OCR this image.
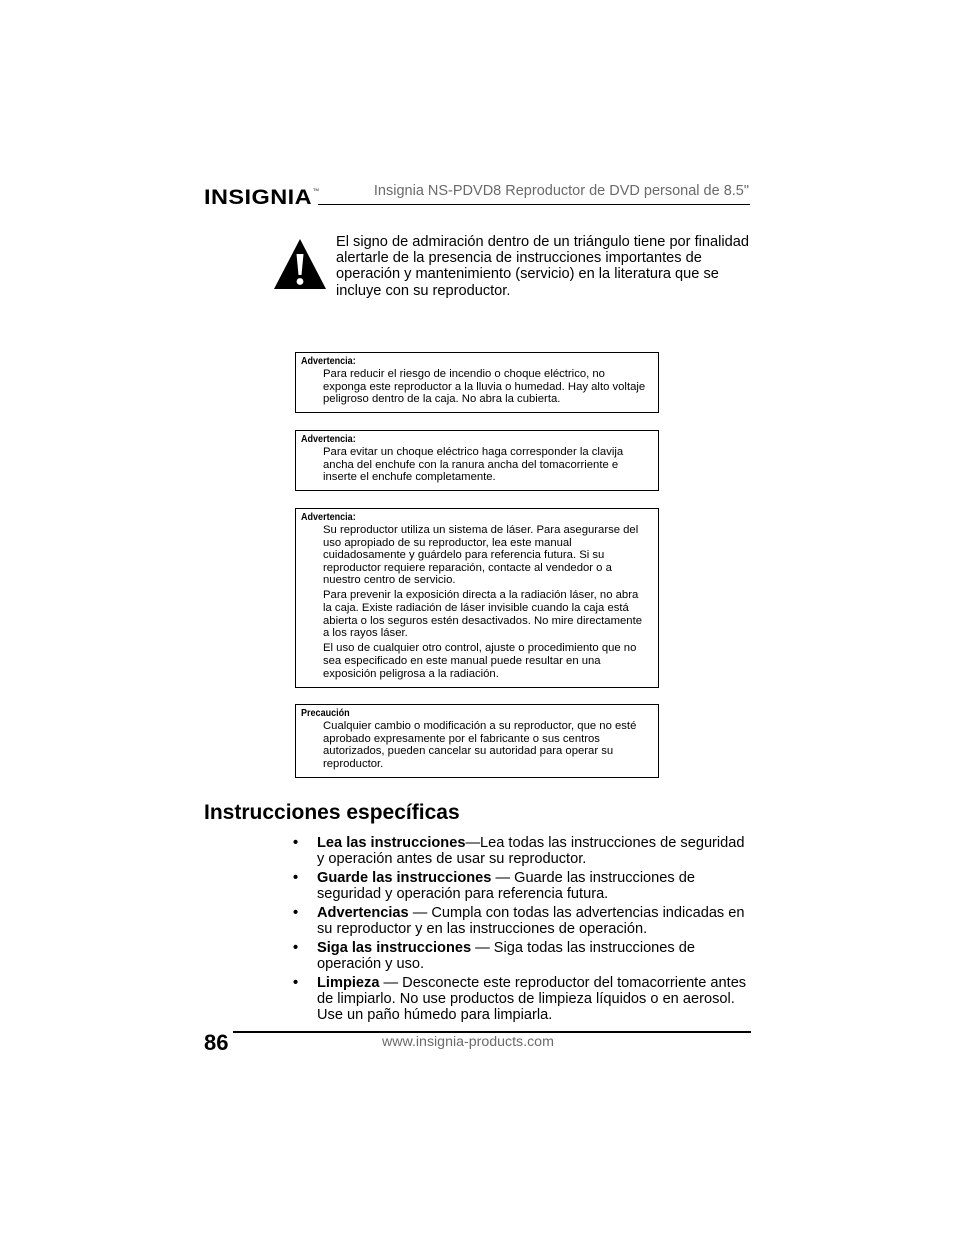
INSIGNIA TM	Insignia NS-PDVD8 Reproductor de DVD personal de 8.5"
El signo de admiración dentro de un triángulo tiene por finalidad alertarle de la presencia de instrucciones importantes de operación y mantenimiento (servicio) en la literatura que se incluye con su reproductor.
Advertencia:

Para reducir el riesgo de incendio o choque eléctrico, no exponga este reproductor a la lluvia o humedad. Hay alto voltaje peligroso dentro de la caja. No abra la cubierta.

Advertencia:

Para evitar un choque eléctrico haga corresponder la clavija ancha del enchufe con la ranura ancha del tomacorriente e inserte el enchufe completamente.

Advertencia:

Su reproductor utiliza un sistema de láser. Para asegurarse del uso apropiado de su reproductor, lea este manual cuidadosamente y guárdelo para referencia futura. Si su reproductor requiere reparación, contacte al vendedor o a nuestro centro de servicio.

Para prevenir la exposición directa a la radiación láser, no abra la caja. Existe radiación de láser invisible cuando la caja está abierta o los seguros estén desactivados. No mire directamente a los rayos láser.

El uso de cualquier otro control, ajuste o procedimiento que no sea especificado en este manual puede resultar en una exposición peligrosa a la radiación.

Precaución

Cualquier cambio o modificación a su reproductor, que no esté aprobado expresamente por el fabricante o sus centros autorizados, pueden cancelar su autoridad para operar su reproductor.

Instrucciones específicas
• Lea las instrucciones—Lea todas las instrucciones de seguridad y operación antes de usar su reproductor.
• Guarde las instrucciones — Guarde las instrucciones de seguridad y operación para referencia futura.
• Advertencias — Cumpla con todas las advertencias indicadas en su reproductor y en las instrucciones de operación.
• Siga las instrucciones — Siga todas las instrucciones de operación y uso.
• Limpieza — Desconecte este reproductor del tomacorriente antes de limpiarlo. No use productos de limpieza líquidos o en aerosol. Use un paño húmedo para limpiarla.
86	www.insignia-products.com
